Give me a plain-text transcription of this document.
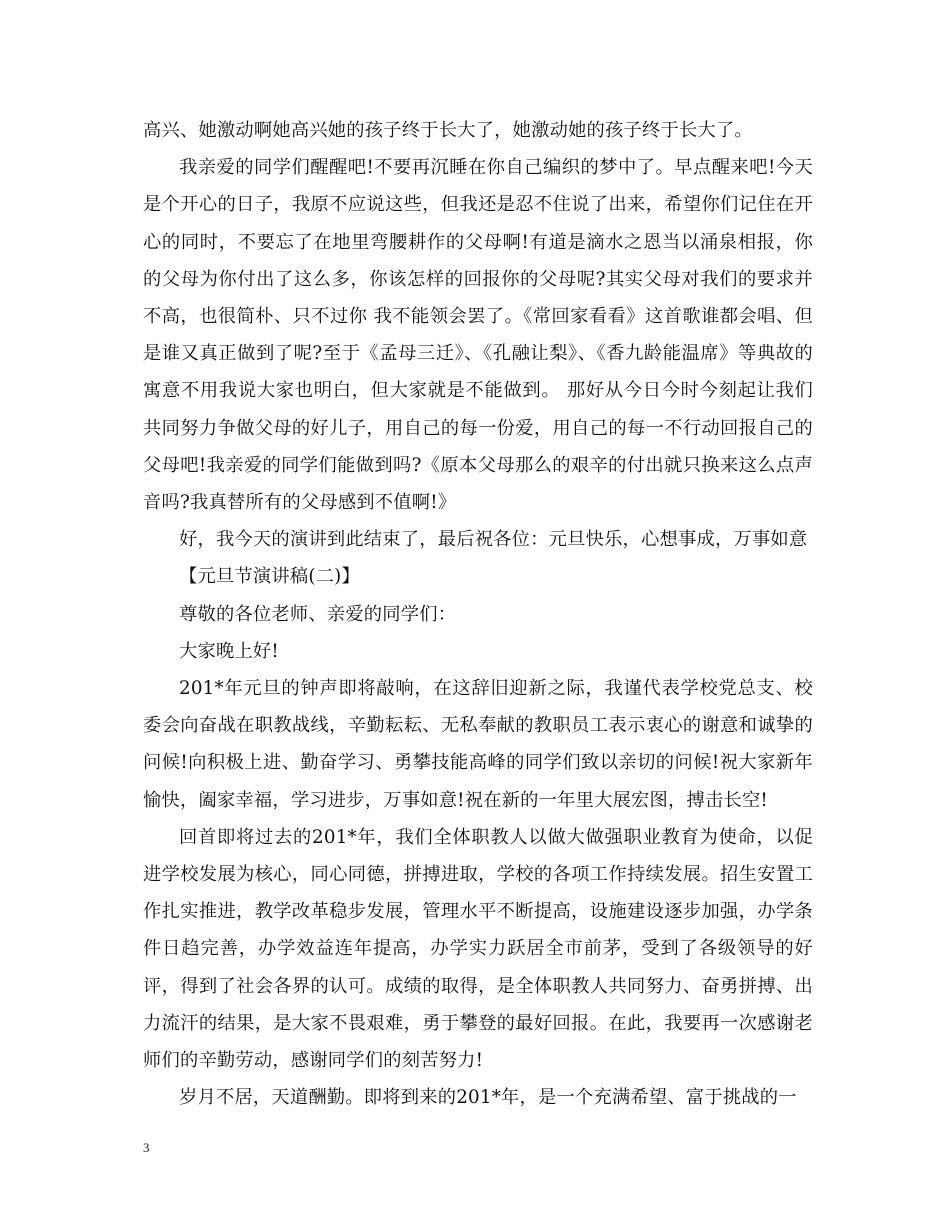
高兴、她激动啊她高兴她的孩子终于长大了，她激动她的孩子终于长大了。

我亲爱的同学们醒醒吧!不要再沉睡在你自己编织的梦中了。早点醒来吧!今天是个开心的日子，我原不应说这些，但我还是忍不住说了出来，希望你们记住在开心的同时，不要忘了在地里弯腰耕作的父母啊!有道是滴水之恩当以涌泉相报，你的父母为你付出了这么多，你该怎样的回报你的父母呢?其实父母对我们的要求并不高，也很简朴、只不过你 我不能领会罢了。《常回家看看》这首歌谁都会唱、但是谁又真正做到了呢?至于《孟母三迁》、《孔融让梨》、《香九龄能温席》等典故的寓意不用我说大家也明白，但大家就是不能做到。 那好从今日今时今刻起让我们共同努力争做父母的好儿子，用自己的每一份爱，用自己的每一不行动回报自己的父母吧!我亲爱的同学们能做到吗?《原本父母那么的艰辛的付出就只换来这么点声音吗?我真替所有的父母感到不值啊!》

好，我今天的演讲到此结束了，最后祝各位：元旦快乐，心想事成，万事如意

【元旦节演讲稿(二)】

尊敬的各位老师、亲爱的同学们：

大家晚上好!

201*年元旦的钟声即将敲响，在这辞旧迎新之际，我谨代表学校党总支、校委会向奋战在职教战线，辛勤耘耘、无私奉献的教职员工表示衷心的谢意和诚挚的问候!向积极上进、勤奋学习、勇攀技能高峰的同学们致以亲切的问候!祝大家新年愉快，阖家幸福，学习进步，万事如意!祝在新的一年里大展宏图，搏击长空!

回首即将过去的201*年，我们全体职教人以做大做强职业教育为使命，以促进学校发展为核心，同心同德，拼搏进取，学校的各项工作持续发展。招生安置工作扎实推进，教学改革稳步发展，管理水平不断提高，设施建设逐步加强，办学条件日趋完善，办学效益连年提高，办学实力跃居全市前茅，受到了各级领导的好评，得到了社会各界的认可。成绩的取得，是全体职教人共同努力、奋勇拼搏、出力流汗的结果，是大家不畏艰难，勇于攀登的最好回报。在此，我要再一次感谢老师们的辛勤劳动，感谢同学们的刻苦努力!

岁月不居，天道酬勤。即将到来的201*年，是一个充满希望、富于挑战的一

3
